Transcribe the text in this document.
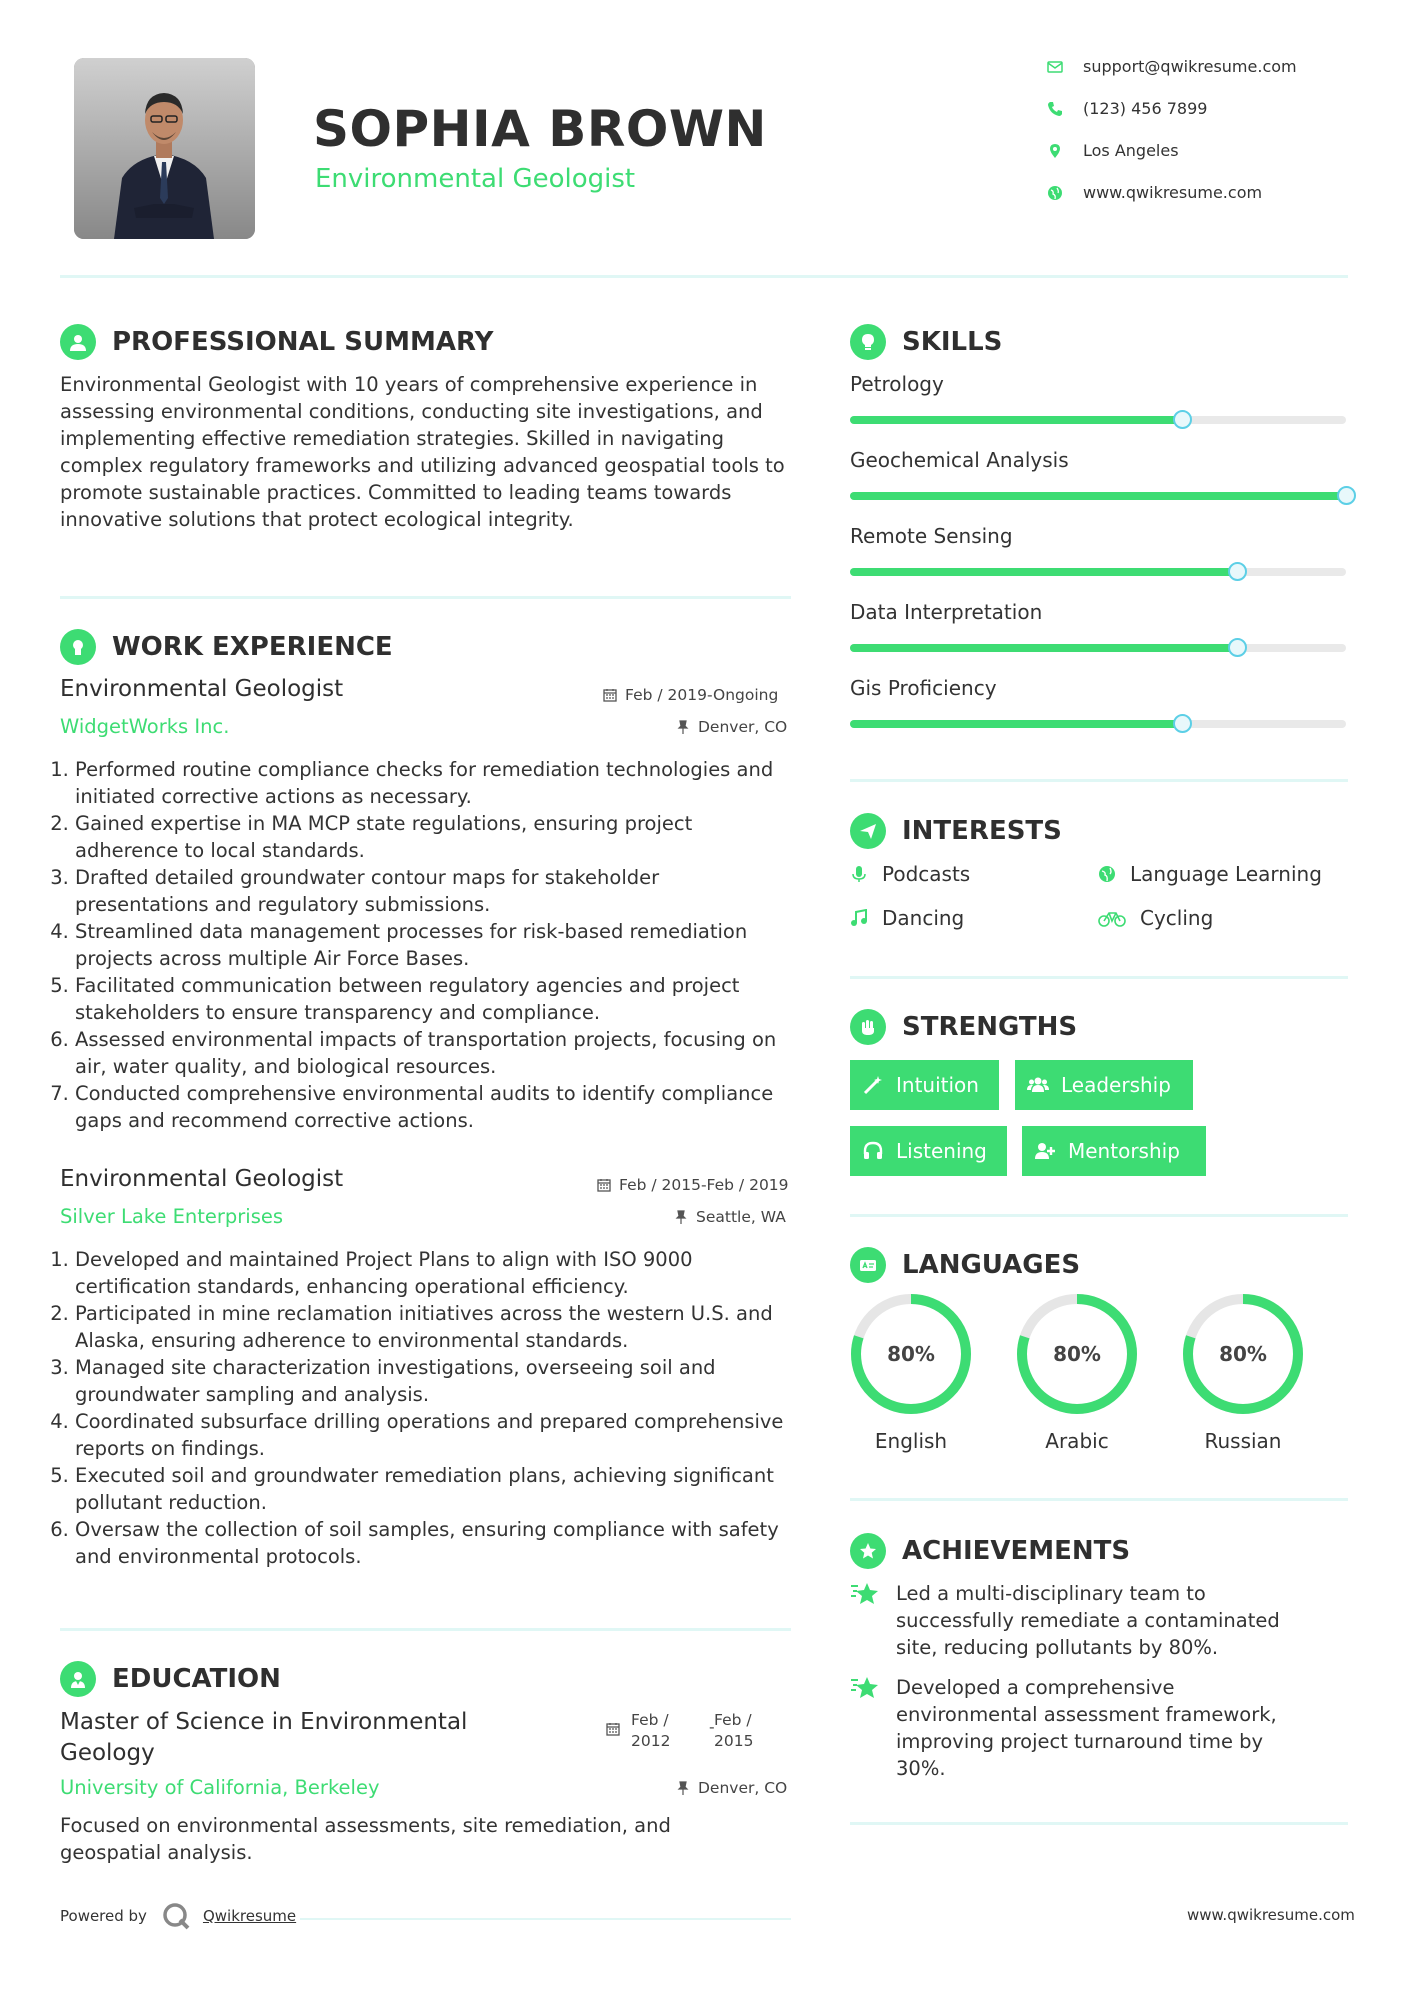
SOPHIA BROWN
Environmental Geologist
support@qwikresume.com
(123) 456 7899
Los Angeles
www.qwikresume.com
PROFESSIONAL SUMMARY
Environmental Geologist with 10 years of comprehensive experience in assessing environmental conditions, conducting site investigations, and implementing effective remediation strategies. Skilled in navigating complex regulatory frameworks and utilizing advanced geospatial tools to promote sustainable practices. Committed to leading teams towards innovative solutions that protect ecological integrity.
WORK EXPERIENCE
Environmental Geologist	Feb / 2019-Ongoing
WidgetWorks Inc.	Denver, CO
1. Performed routine compliance checks for remediation technologies and initiated corrective actions as necessary.
2. Gained expertise in MA MCP state regulations, ensuring project adherence to local standards.
3. Drafted detailed groundwater contour maps for stakeholder presentations and regulatory submissions.
4. Streamlined data management processes for risk-based remediation projects across multiple Air Force Bases.
5. Facilitated communication between regulatory agencies and project stakeholders to ensure transparency and compliance.
6. Assessed environmental impacts of transportation projects, focusing on air, water quality, and biological resources.
7. Conducted comprehensive environmental audits to identify compliance gaps and recommend corrective actions.
Environmental Geologist	Feb / 2015-Feb / 2019
Silver Lake Enterprises	Seattle, WA
1. Developed and maintained Project Plans to align with ISO 9000 certification standards, enhancing operational efficiency.
2. Participated in mine reclamation initiatives across the western U.S. and Alaska, ensuring adherence to environmental standards.
3. Managed site characterization investigations, overseeing soil and groundwater sampling and analysis.
4. Coordinated subsurface drilling operations and prepared comprehensive reports on findings.
5. Executed soil and groundwater remediation plans, achieving significant pollutant reduction.
6. Oversaw the collection of soil samples, ensuring compliance with safety and environmental protocols.
EDUCATION
Master of Science in Environmental Geology
Feb / 2012
- Feb / 2015
University of California, Berkeley	Denver, CO
Focused on environmental assessments, site remediation, and geospatial analysis.
SKILLS
Petrology
Geochemical Analysis
Remote Sensing
Data Interpretation
Gis Proficiency
INTERESTS
Podcasts	Language Learning
Dancing	Cycling
STRENGTHS
Intuition	Leadership
Listening	Mentorship
LANGUAGES
80%
English
80%
Arabic
80%
Russian
ACHIEVEMENTS
Led a multi-disciplinary team to successfully remediate a contaminated site, reducing pollutants by 80%.
Developed a comprehensive environmental assessment framework, improving project turnaround time by 30%.
Powered by	Qwikresume	www.qwikresume.com
